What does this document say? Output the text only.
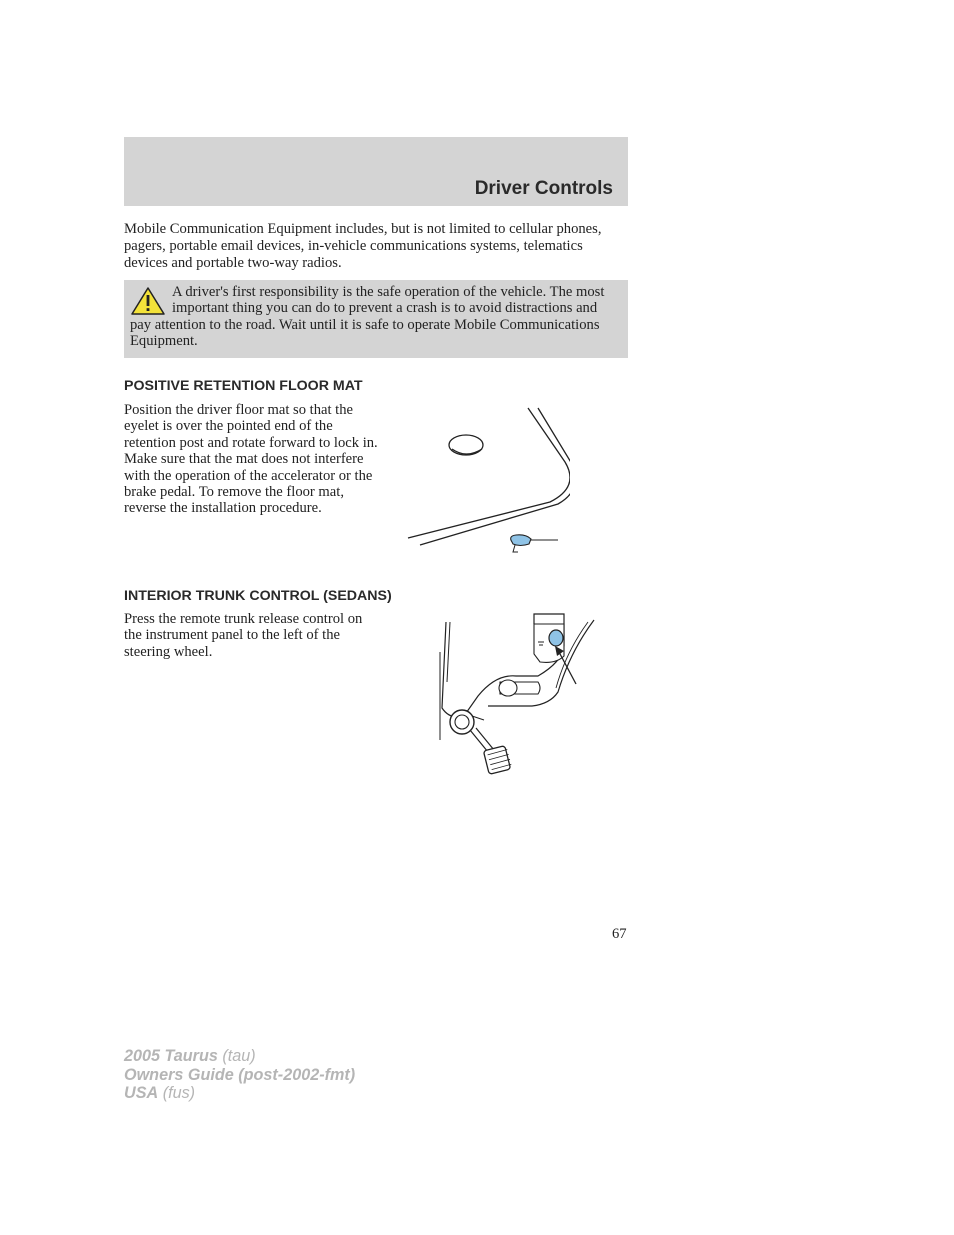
Driver Controls

Mobile Communication Equipment includes, but is not limited to cellular phones, pagers, portable email devices, in-vehicle communications systems, telematics devices and portable two-way radios.

A driver's first responsibility is the safe operation of the vehicle. The most important thing you can do to prevent a crash is to avoid distractions and pay attention to the road. Wait until it is safe to operate Mobile Communications Equipment.

POSITIVE RETENTION FLOOR MAT

Position the driver floor mat so that the eyelet is over the pointed end of the retention post and rotate forward to lock in. Make sure that the mat does not interfere with the operation of the accelerator or the brake pedal. To remove the floor mat, reverse the installation procedure.

INTERIOR TRUNK CONTROL (SEDANS)

Press the remote trunk release control on the instrument panel to the left of the steering wheel.

67
2005 Taurus (tau)
Owners Guide (post-2002-fmt)
USA (fus)
